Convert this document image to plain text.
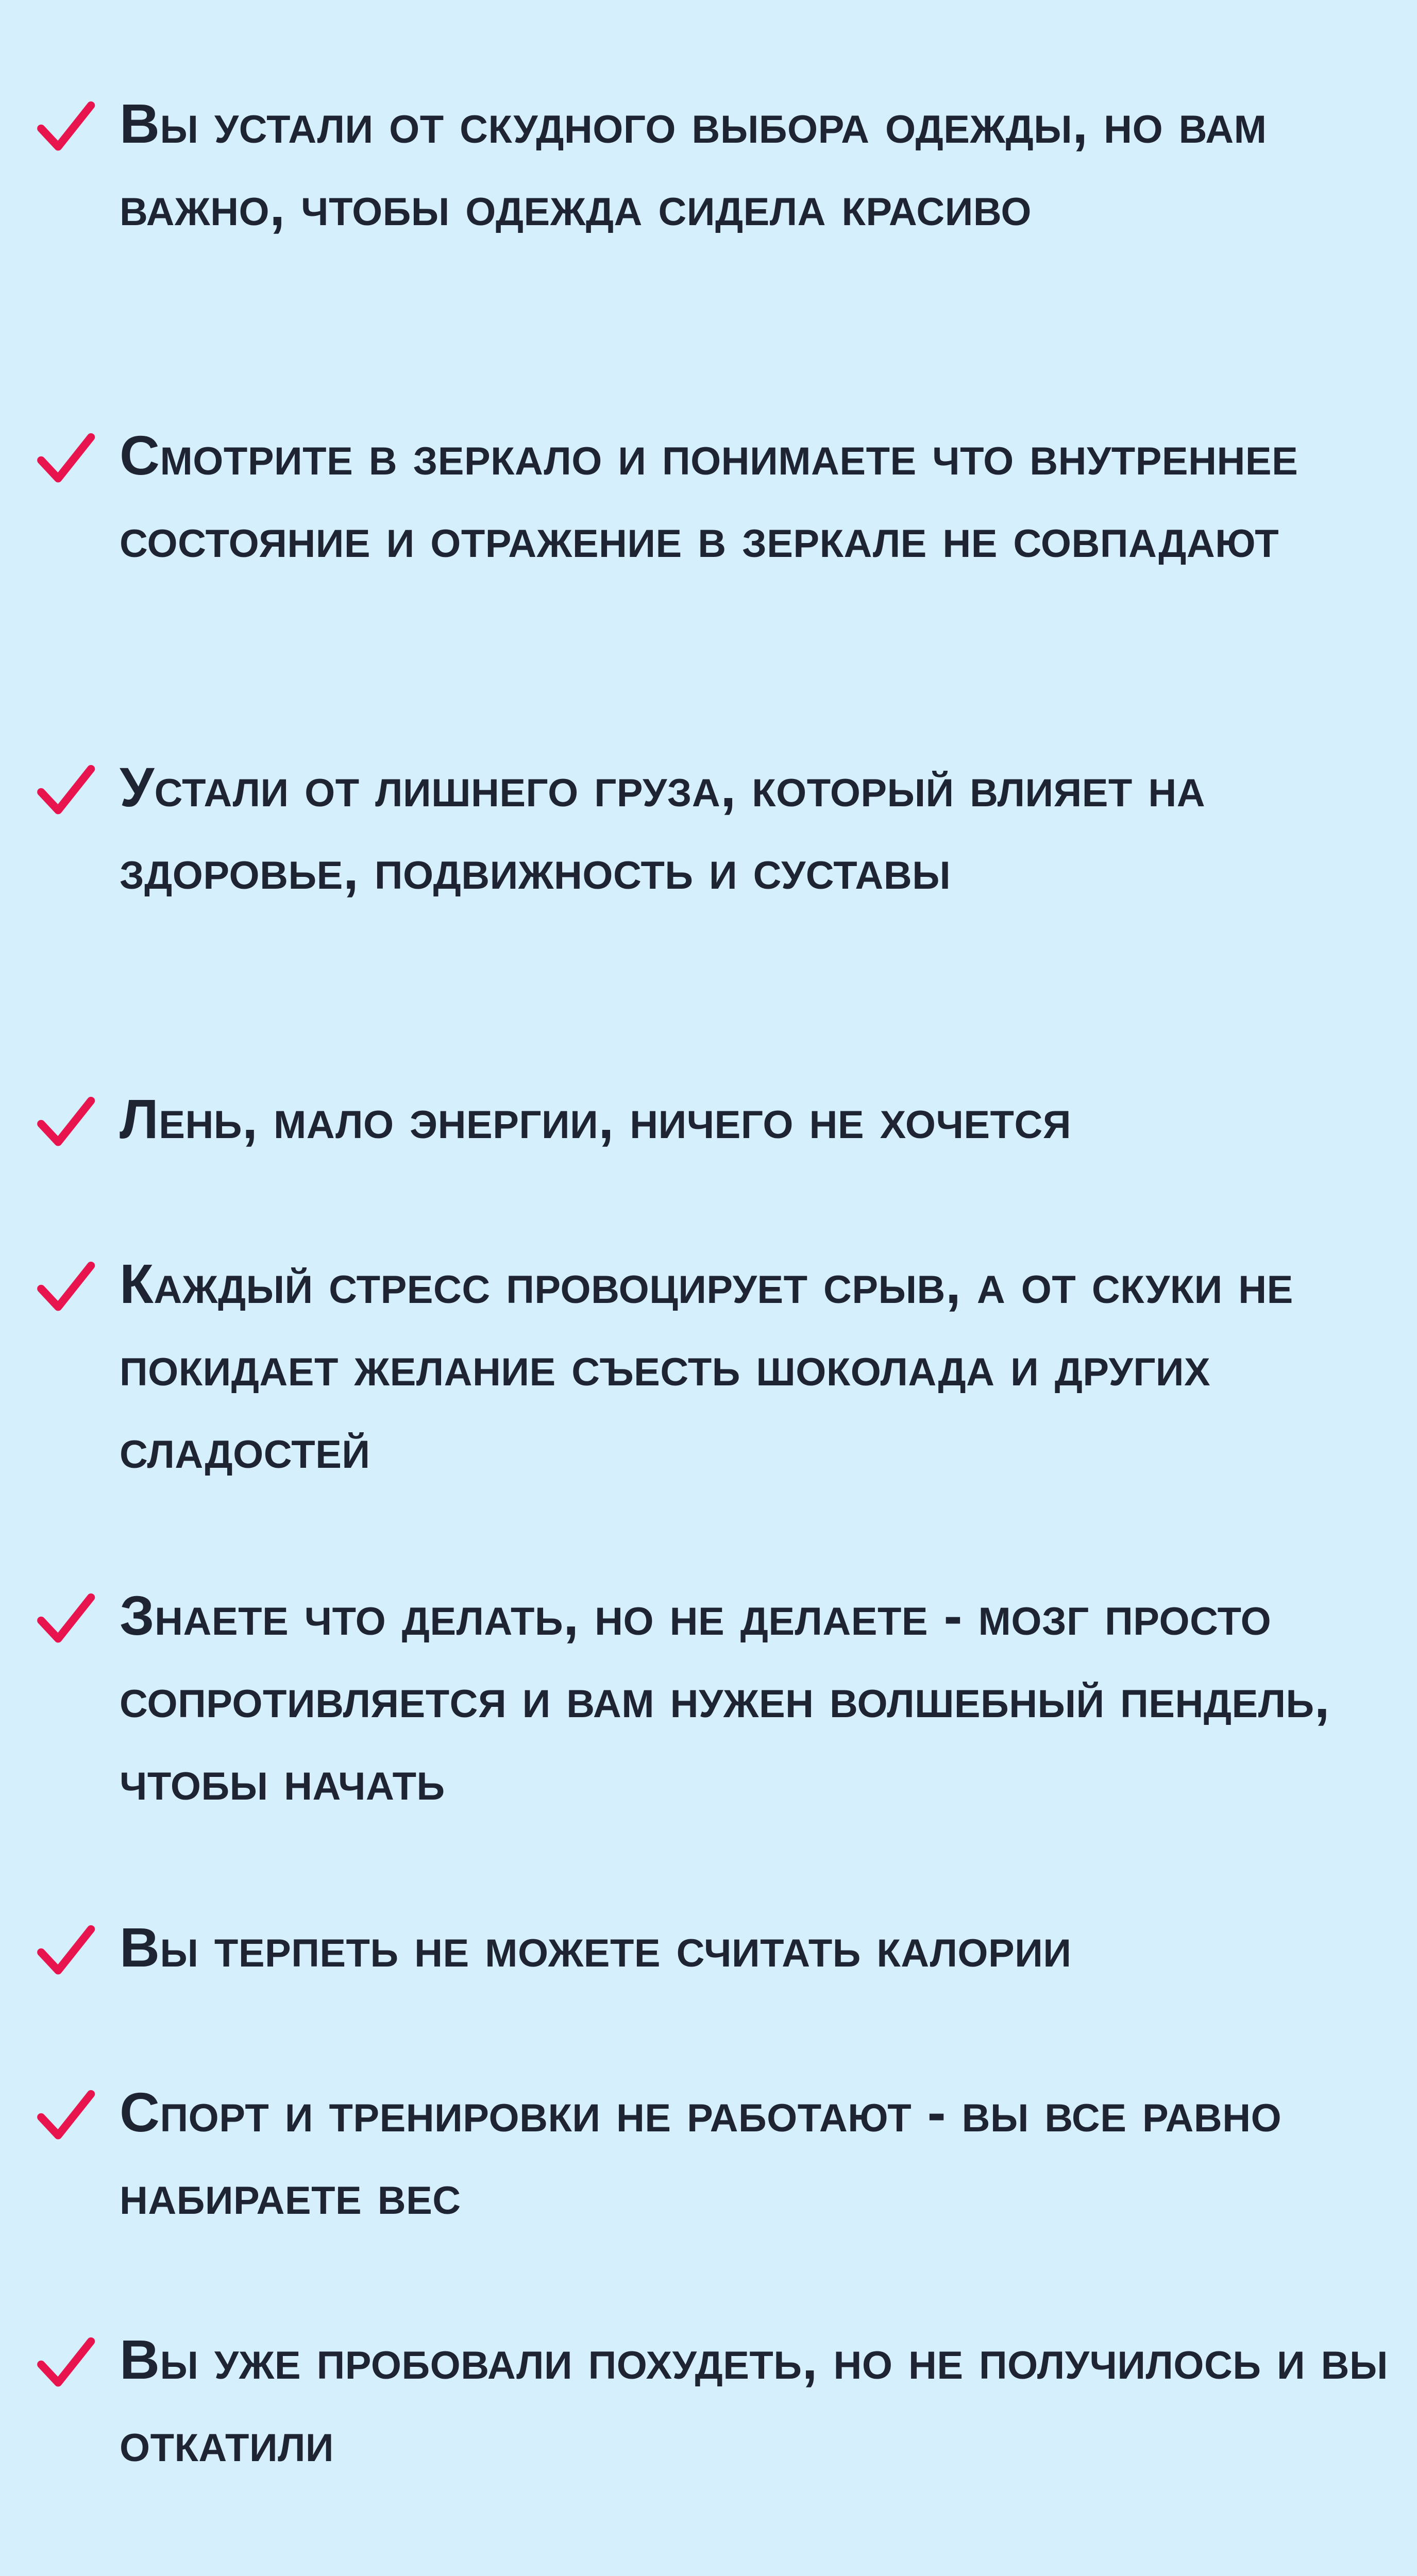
Вы устали от скудного выбора одежды, но вам важно, чтобы одежда сидела красиво

Смотрите в зеркало и понимаете что внутреннее состояние и отражение в зеркале не совпадают

Устали от лишнего груза, который влияет на здоровье, подвижность и суставы

Лень, мало энергии, ничего не хочется

Каждый стресс провоцирует срыв, а от скуки не покидает желание съесть шоколада и других сладостей

Знаете что делать, но не делаете - мозг просто сопротивляется и вам нужен волшебный пендель, чтобы начать

Вы терпеть не можете считать калории

Спорт и тренировки не работают - вы все равно набираете вес

Вы уже пробовали похудеть, но не получилось и вы откатили
